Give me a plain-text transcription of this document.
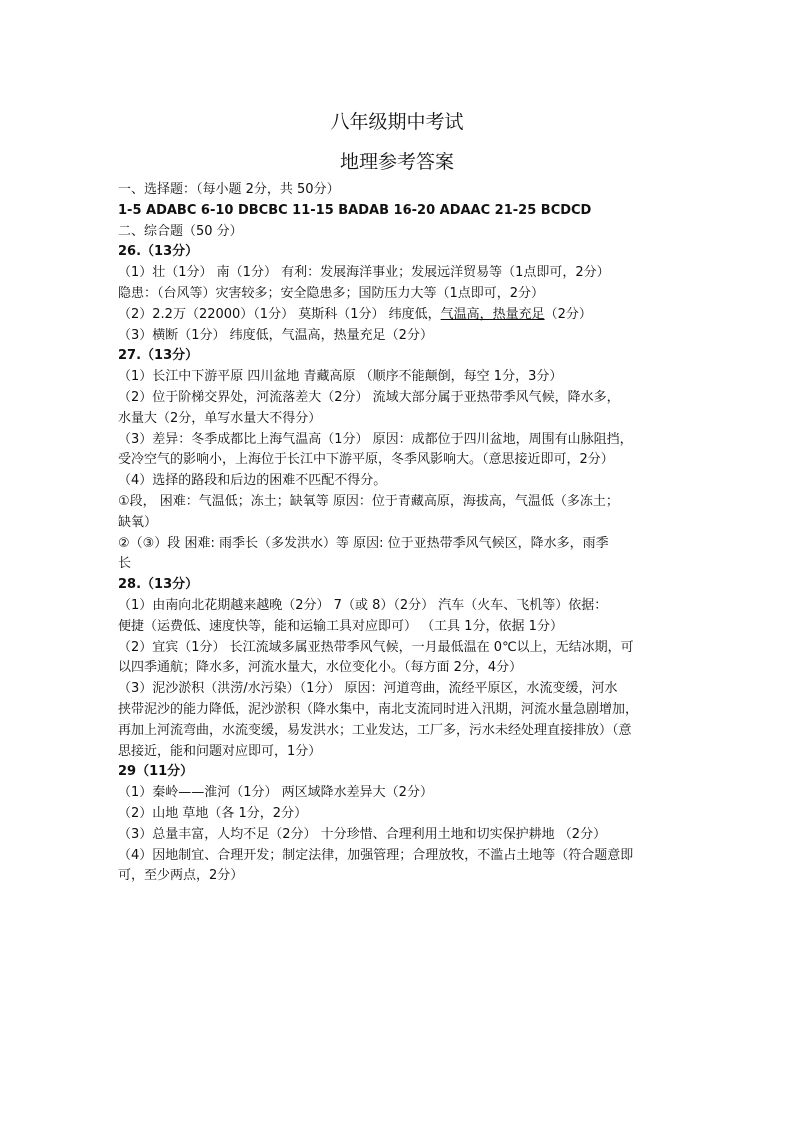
八年级期中考试
地理参考答案
一、选择题：（每小题 2分，共 50分）
1-5 ADABC 6-10 DBCBC 11-15 BADAB 16-20 ADAAC 21-25 BCDCD
二、综合题（50 分）
26.（13分）
（1）壮（1分） 南（1分） 有利：发展海洋事业；发展远洋贸易等（1点即可，2分）
隐患：（台风等）灾害较多；安全隐患多；国防压力大等（1点即可，2分）
（2）2.2万（22000）（1分） 莫斯科（1分） 纬度低，气温高，热量充足（2分）
（3）横断（1分） 纬度低，气温高，热量充足（2分）
27.（13分）
（1）长江中下游平原 四川盆地 青藏高原 （顺序不能颠倒，每空 1分，3分）
（2）位于阶梯交界处，河流落差大（2分） 流域大部分属于亚热带季风气候，降水多，
水量大（2分，单写水量大不得分）
（3）差异：冬季成都比上海气温高（1分） 原因：成都位于四川盆地，周围有山脉阻挡，
受冷空气的影响小，上海位于长江中下游平原，冬季风影响大。（意思接近即可，2分）
（4）选择的路段和后边的困难不匹配不得分。
①段， 困难：气温低；冻土；缺氧等 原因：位于青藏高原，海拔高，气温低（多冻土；
缺氧）
②（③）段 困难: 雨季长（多发洪水）等 原因: 位于亚热带季风气候区，降水多，雨季
长
28.（13分）
（1）由南向北花期越来越晚（2分） 7（或 8）（2分） 汽车（火车、飞机等）依据：
便捷（运费低、速度快等，能和运输工具对应即可） （工具 1分，依据 1分）
（2）宜宾（1分） 长江流域多属亚热带季风气候，一月最低温在 0℃以上，无结冰期，可
以四季通航；降水多，河流水量大，水位变化小。（每方面 2分，4分）
（3）泥沙淤积（洪涝/水污染）（1分） 原因：河道弯曲，流经平原区，水流变缓，河水
挟带泥沙的能力降低，泥沙淤积（降水集中，南北支流同时进入汛期，河流水量急剧增加，
再加上河流弯曲，水流变缓，易发洪水；工业发达，工厂多，污水未经处理直接排放）（意
思接近，能和问题对应即可，1分）
29（11分）
（1）秦岭——淮河（1分） 两区域降水差异大（2分）
（2）山地 草地（各 1分，2分）
（3）总量丰富，人均不足（2分） 十分珍惜、合理利用土地和切实保护耕地 （2分）
（4）因地制宜、合理开发；制定法律，加强管理；合理放牧，不滥占土地等（符合题意即
可，至少两点，2分）
